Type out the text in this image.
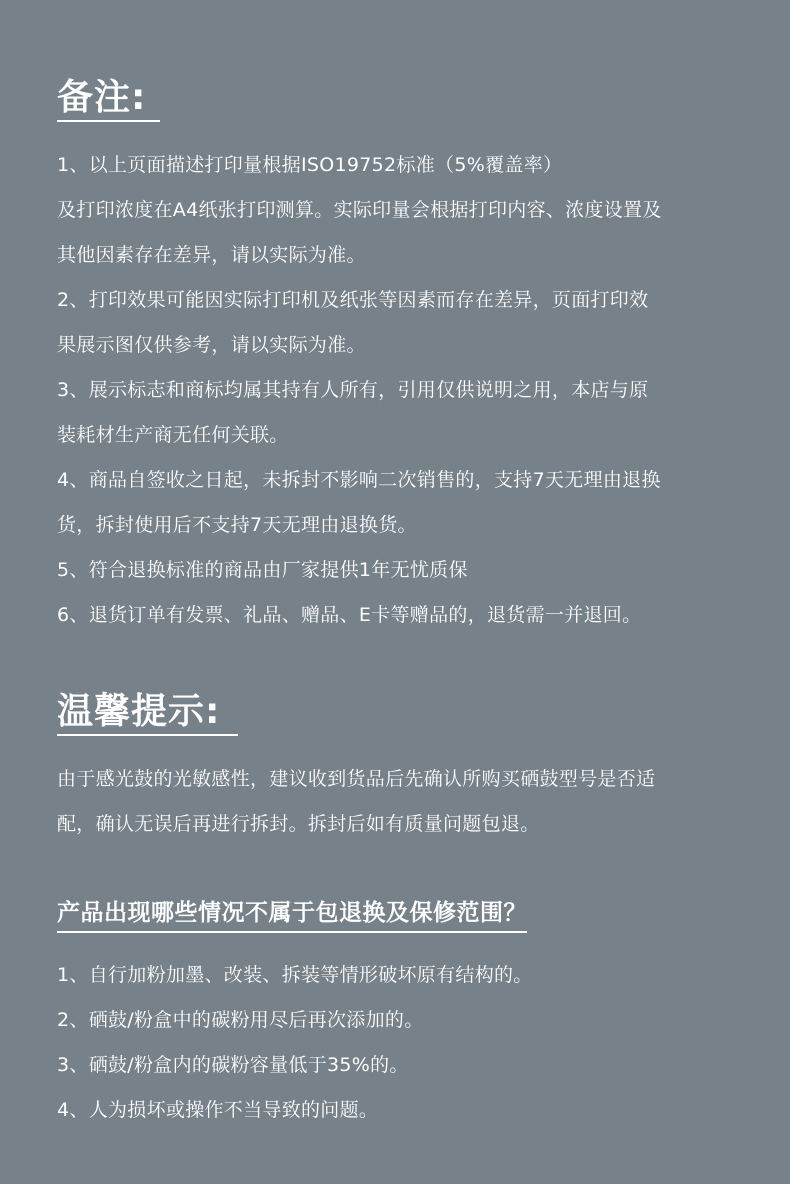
备注:

1、以上页面描述打印量根据ISO19752标准（5%覆盖率）

及打印浓度在A4纸张打印测算。实际印量会根据打印内容、浓度设置及

其他因素存在差异，请以实际为准。

2、打印效果可能因实际打印机及纸张等因素而存在差异，页面打印效

果展示图仅供参考，请以实际为准。

3、展示标志和商标均属其持有人所有，引用仅供说明之用，本店与原

装耗材生产商无任何关联。

4、商品自签收之日起，未拆封不影响二次销售的，支持7天无理由退换

货，拆封使用后不支持7天无理由退换货。

5、符合退换标准的商品由厂家提供1年无忧质保

6、退货订单有发票、礼品、赠品、E卡等赠品的，退货需一并退回。

温馨提示:

由于感光鼓的光敏感性，建议收到货品后先确认所购买硒鼓型号是否适

配，确认无误后再进行拆封。拆封后如有质量问题包退。

产品出现哪些情况不属于包退换及保修范围？

1、自行加粉加墨、改装、拆装等情形破坏原有结构的。

2、硒鼓/粉盒中的碳粉用尽后再次添加的。

3、硒鼓/粉盒内的碳粉容量低于35%的。

4、人为损坏或操作不当导致的问题。
